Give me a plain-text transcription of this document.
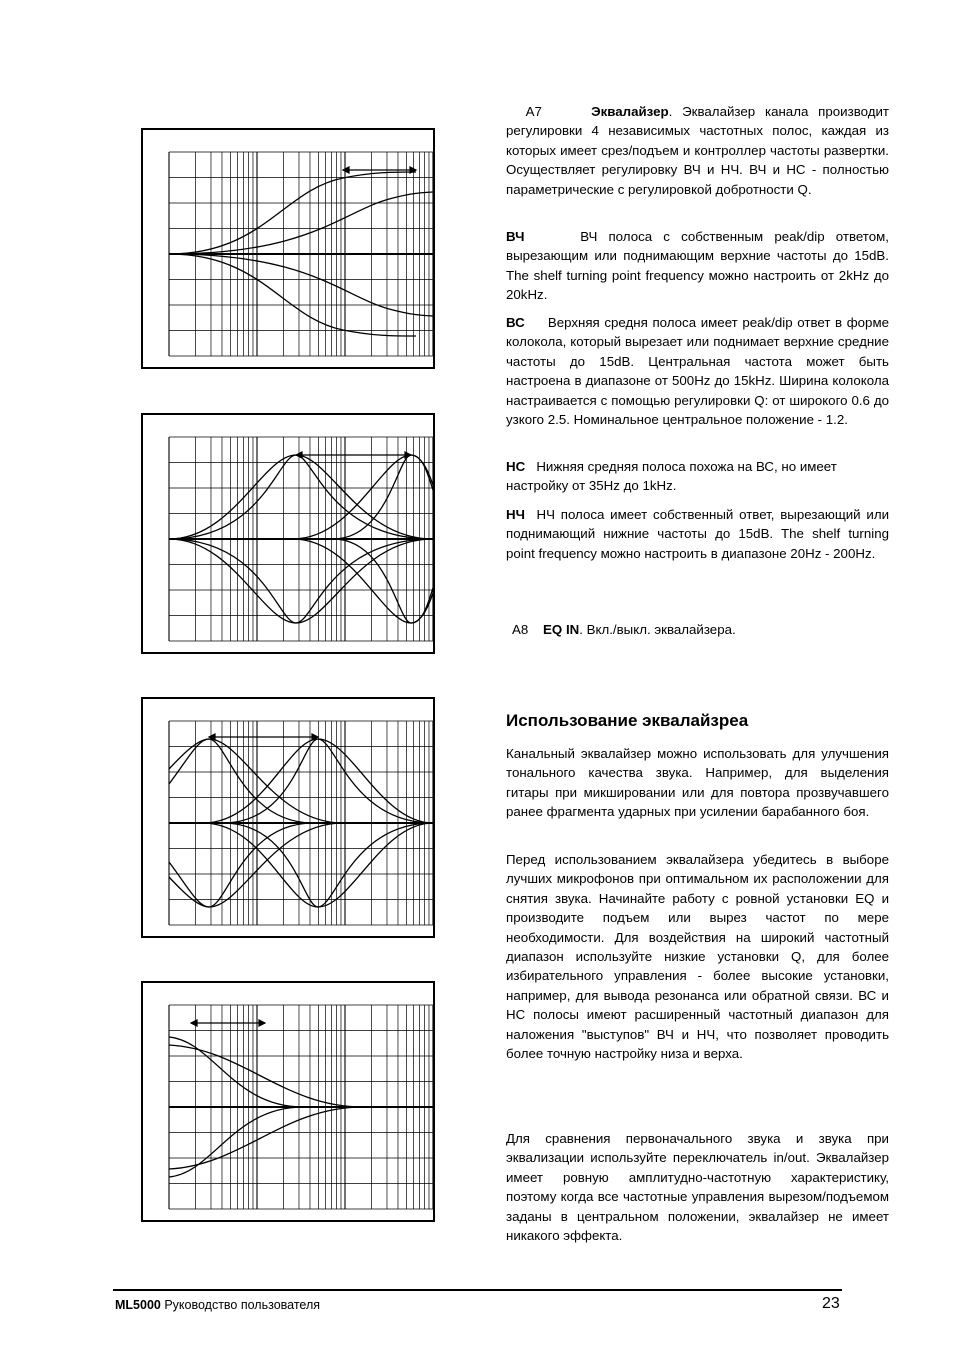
A7	Эквалайзер. Эквалайзер канала производит регулировки 4 независимых частотных полос, каждая из которых имеет срез/подъем и контроллер частоты развертки. Осуществляет регулировку ВЧ и НЧ. ВЧ и НС - полностью параметрические с регулировкой добротности Q.

ВЧ	ВЧ полоса с собственным peak/dip ответом, вырезающим или поднимающим верхние частоты до 15dB. The shelf turning point frequency можно настроить от 2kHz до 20kHz.

ВС Верхняя средня полоса имеет peak/dip ответ в форме колокола, который вырезает или поднимает верхние средние частоты до 15dB. Центральная частота может быть настроена в диапазоне от 500Hz до 15kHz. Ширина колокола настраивается с помощью регулировки Q: от широкого 0.6 до узкого 2.5. Номинальное центральное положение - 1.2.

НС Нижняя средняя полоса похожа на ВС, но имеет настройку от 35Hz до 1kHz.

НЧ НЧ полоса имеет собственный ответ, вырезающий или поднимающий нижние частоты до 15dB. The shelf turning point frequency можно настроить в диапазоне 20Hz - 200Hz.

A8 EQ IN. Вкл./выкл. эквалайзера.

Использование эквалайзреа

Канальный эквалайзер можно использовать для улучшения тонального качества звука. Например, для выделения гитары при микшировании или для повтора прозвучавшего ранее фрагмента ударных при усилении барабанного боя.

Перед использованием эквалайзера убедитесь в выборе лучших микрофонов при оптимальном их расположении для снятия звука. Начинайте работу с ровной установки EQ и производите подъем или вырез частот по мере необходимости. Для воздействия на широкий частотный диапазон используйте низкие установки Q, для более избирательного управления - более высокие установки, например, для вывода резонанса или обратной связи. ВС и НС полосы имеют расширенный частотный диапазон для наложения "выступов" ВЧ и НЧ, что позволяет проводить более точную настройку низа и верха.

Для сравнения первоначального звука и звука при эквализации используйте переключатель in/out. Эквалайзер имеет ровную амплитудно-частотную характеристику, поэтому когда все частотные управления вырезом/подъемом заданы в центральном положении, эквалайзер не имеет никакого эффекта.

ML5000 Руководство пользователя	23
